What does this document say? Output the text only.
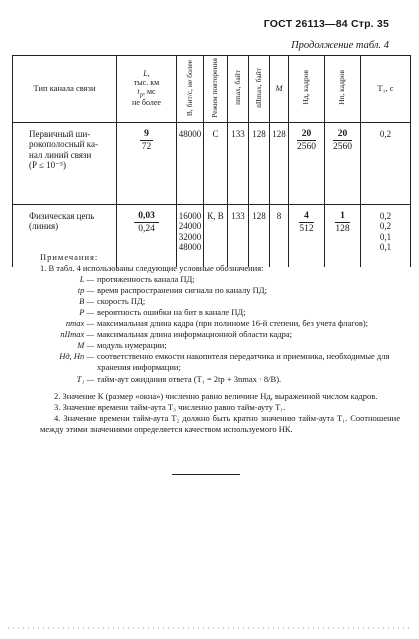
ГОСТ 26113—84 Стр. 35
Продолжение табл. 4
Тип канала связи	L,
тыс. км
$t_p$, мс
не более	B, бит/с, не более	Режим повторения	nmax, байт	nIImax, байт	M	Hд, кадров	Hп, кадров	T₁, с

Первичный ши-
рокополосный ка-
нал линий связи
(P ≤ 10⁻⁵)	$\frac{9}{72}$	48000	C	133	128	128	$\frac{20}{2560}$	$\frac{20}{2560}$	0,2

Физическая цепь
(линия)	$\frac{0,03}{0,24}$	16000
24000
32000
48000	К, В	133	128	8	$\frac{4}{512}$	$\frac{1}{128}$	0,2
0,2
0,1
0,1
Примечания:
1. В табл. 4 использованы следующие условные обозначения:
L — протяженность канала ПД;
tр — время распространения сигнала по каналу ПД;
B — скорость ПД;
P — вероятность ошибки на бит в канале ПД;
nmax — максимальная длина кадра (при полиноме 16-й степени, без учета флагов);
nIImax — максимальная длина информационной области кадра;
M — модуль нумерации;
Hд, Hп — соответственно емкости накопителя передатчика и приемника, необходимые для хранения информации;
T₁ — тайм-аут ожидания ответа (T₁ = 2tр + 3nmax · 8/B).
2. Значение К (размер «окна») численно равно величине Hд, выраженной числом кадров.
3. Значение времени тайм-аута T₃ численно равно тайм-ауту T₁.
4. Значение времени тайм-аута T₂ должно быть кратно значению тайм-аута T₁. Соотношение между этими значениями определяется качеством используемого НК.
